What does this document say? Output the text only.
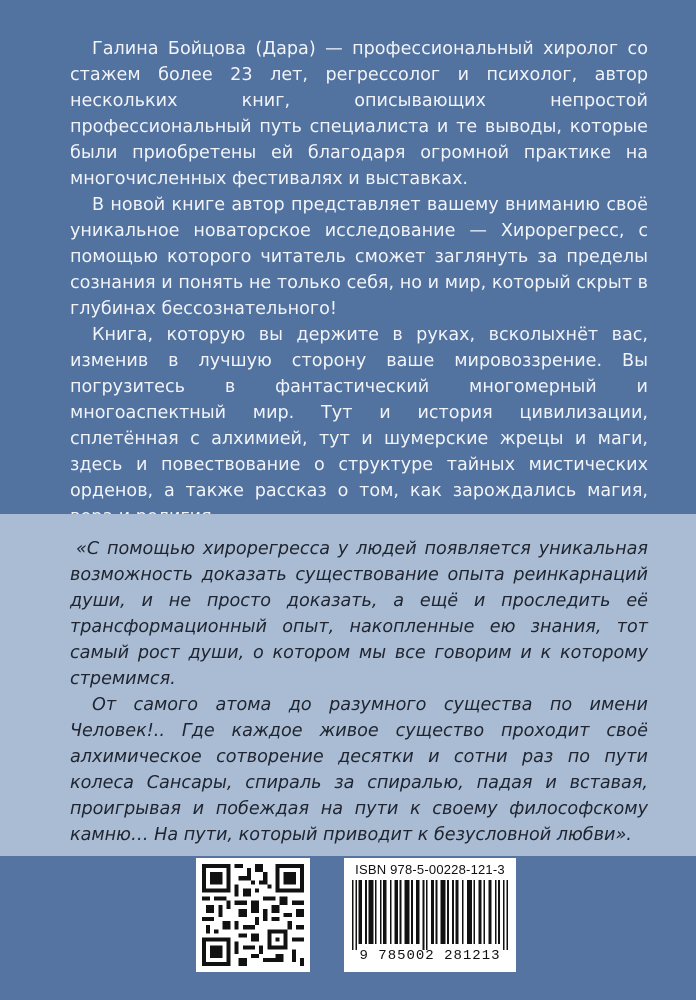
Галина Бойцова (Дара) — профессиональный хиролог со стажем более 23 лет, регрессолог и психолог, автор нескольких книг, описывающих непростой профессиональный путь специалиста и те выводы, которые были приобретены ей благодаря огромной практике на многочисленных фестивалях и выставках.

В новой книге автор представляет вашему вниманию своё уникальное новаторское исследование — Хирорегресс, с помощью которого читатель сможет заглянуть за пределы сознания и понять не только себя, но и мир, который скрыт в глубинах бессознательного!

Книга, которую вы держите в руках, всколыхнёт вас, изменив в лучшую сторону ваше мировоззрение. Вы погрузитесь в фантастический многомерный и многоаспектный мир. Тут и история цивилизации, сплетённая с алхимией, тут и шумерские жрецы и маги, здесь и повествование о структуре тайных мистических орденов, а также рассказ о том, как зарождались магия,

«С помощью хирорегресса у людей появляется уникальная возможность доказать существование опыта реинкарнаций души, и не просто доказать, а ещё и проследить её трансформационный опыт, накопленные ею знания, тот самый рост души, о котором мы все говорим и к которому стремимся.

От самого атома до разумного существа по имени Человек!.. Где каждое живое существо проходит своё алхимическое сотворение десятки и сотни раз по пути колеса Сансары, спираль за спиралью, падая и вставая, проигрывая и побеждая на пути к своему философскому камню… На пути, который приводит к безусловной любви».

ISBN 978-5-00228-121-3
9 785002 281213
